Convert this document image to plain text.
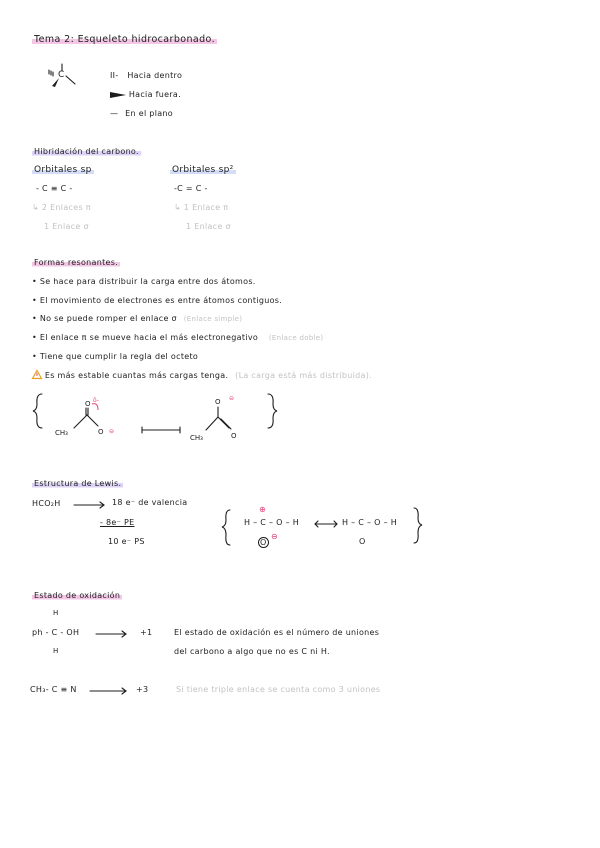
Tema 2: Esqueleto hidrocarbonado.
C	II- Hacia dentro
Hacia fuera.
— En el plano
Hibridación del carbono.
Orbitales sp	Orbitales sp²
- C ≡ C -	-C = C -
↳ 2 Enlaces π	↳ 1 Enlace π
1 Enlace σ	1 Enlace σ
Formas resonantes.
• Se hace para distribuir la carga entre dos átomos.
• El movimiento de electrones es entre átomos contiguos.
• No se puede romper el enlace σ (Enlace simple)
• El enlace π se mueve hacia el más electronegativo (Enlace doble)
• Tiene que cumplir la regla del octeto
Es más estable cuantas más cargas tenga. (La carga está más distribuida).
O
CH₃	O
δ-
⊖
O ⊖
CH₃	O
Estructura de Lewis.
HCO₂H	18 e⁻ de valencia
- 8e⁻ PE
10 e⁻ PS
H – C – O – H
⊕
O
⊖
H – C – O – H
O
Estado de oxidación
H
ph - C - OH
H
+1	El estado de oxidación es el número de uniones
del carbono a algo que no es C ni H.
CH₃- C ≡ N	+3	Si tiene triple enlace se cuenta como 3 uniones
